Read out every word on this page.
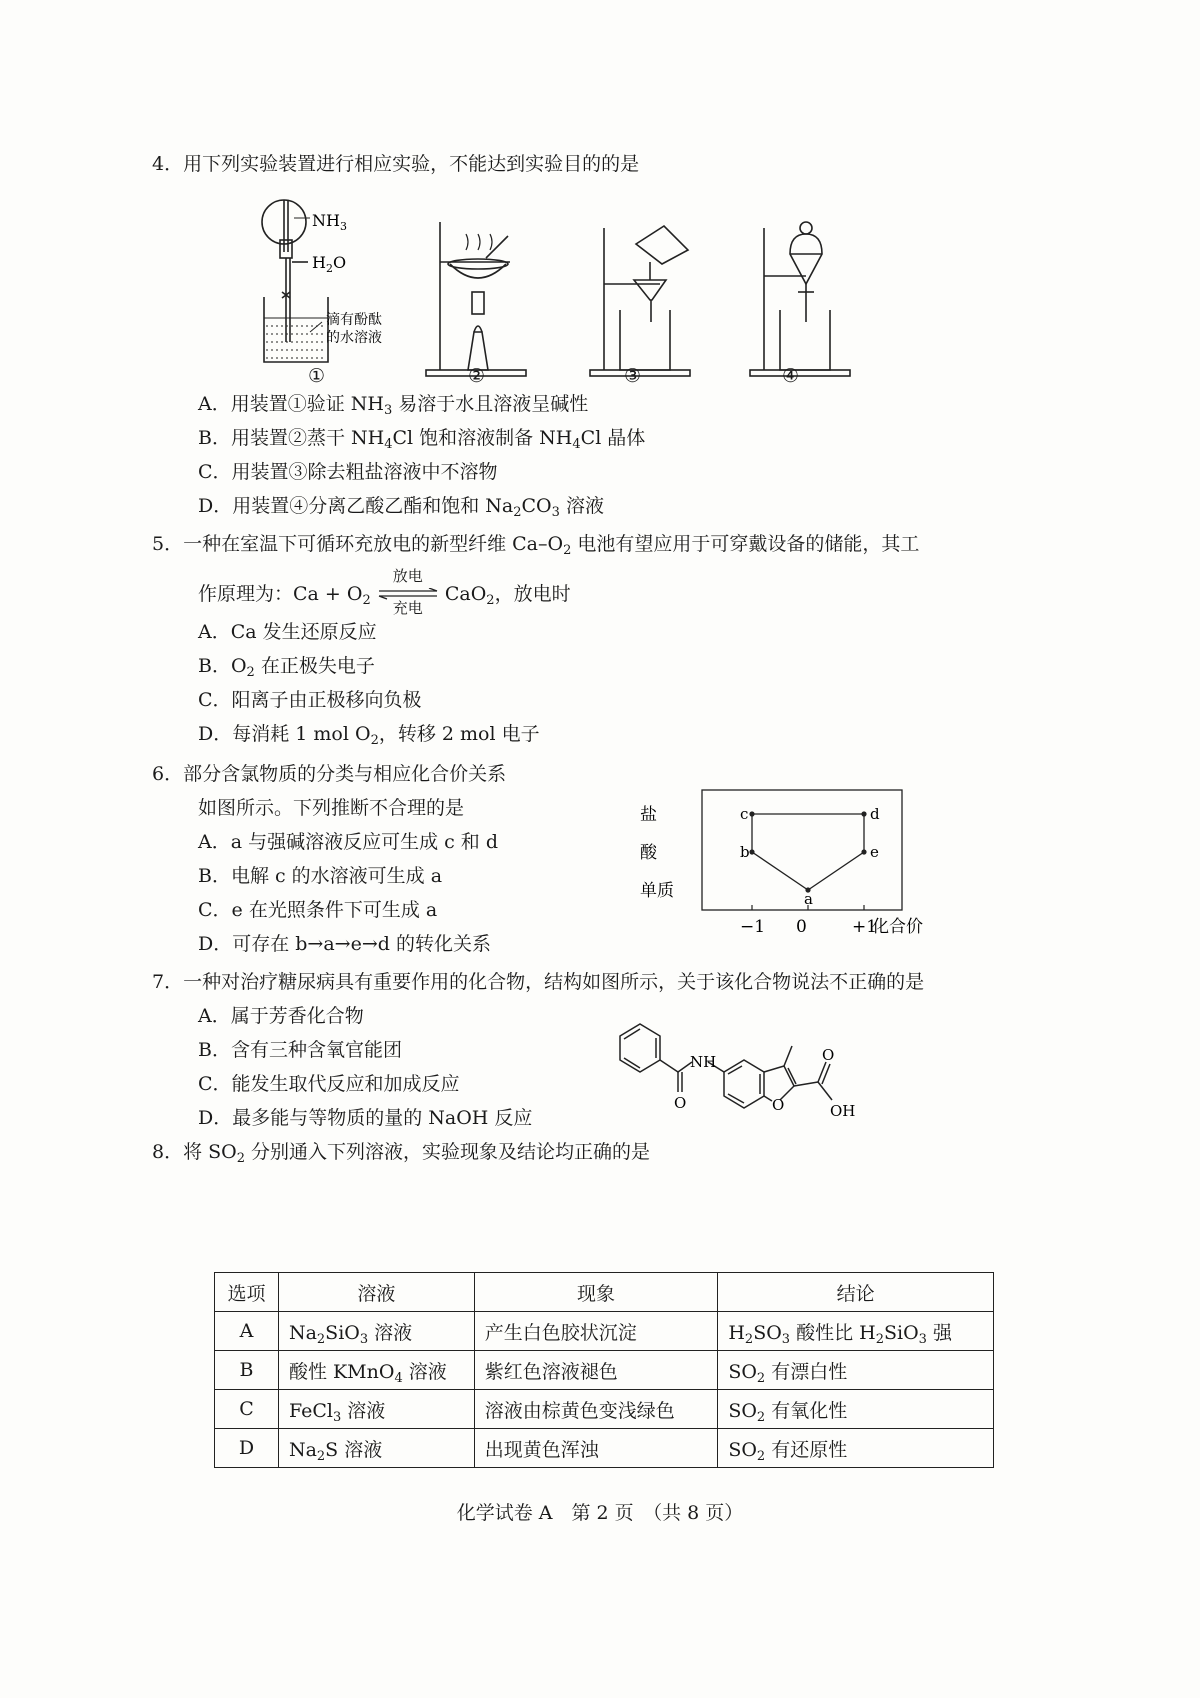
4．用下列实验装置进行相应实验，不能达到实验目的的是
$NH_3$
$H_2O$
滴有酚酞
的水溶液
①	②	③	④
A．用装置①验证 $NH_3$ 易溶于水且溶液呈碱性
B．用装置②蒸干 $NH_4Cl$ 饱和溶液制备 $NH_4Cl$ 晶体
C．用装置③除去粗盐溶液中不溶物
D．用装置④分离乙酸乙酯和饱和 $Na_2CO_3$ 溶液
5．一种在室温下可循环充放电的新型纤维 $Ca-O_2$ 电池有望应用于可穿戴设备的储能，其工
作原理为：$Ca + O_2$
放电
充电
CaO$_2$，放电时
A．Ca 发生还原反应
B．$O_2$ 在正极失电子
C．阳离子由正极移向负极
D．每消耗 1 mol $O_2$，转移 2 mol 电子
6．部分含氯物质的分类与相应化合价关系
如图所示。下列推断不合理的是
A．a 与强碱溶液反应可生成 c 和 d
B．电解 c 的水溶液可生成 a
C．e 在光照条件下可生成 a
D．可存在 b→a→e→d 的转化关系
a
b
c	d
e
单质
酸
盐
−1 0	+1
化合价
7．一种对治疗糖尿病具有重要作用的化合物，结构如图所示，关于该化合物说法不正确的是
A．属于芳香化合物
B．含有三种含氧官能团
C．能发生取代反应和加成反应
D．最多能与等物质的量的 NaOH 反应
NH
O	O
O
OH
8．将 $SO_2$ 分别通入下列溶液，实验现象及结论均正确的是
选项	溶液	现象	结论
A	$Na_2SiO_3$ 溶液	产生白色胶状沉淀	$H_2SO_3$ 酸性比 $H_2SiO_3$ 强
B	酸性 KMnO$_4$ 溶液	紫红色溶液褪色	$SO_2$ 有漂白性
C	FeCl$_3$ 溶液	溶液由棕黄色变浅绿色	$SO_2$ 有氧化性
D	$Na_2S$ 溶液	出现黄色浑浊	$SO_2$ 有还原性
化学试卷 A　第 2 页　（共 8 页）
